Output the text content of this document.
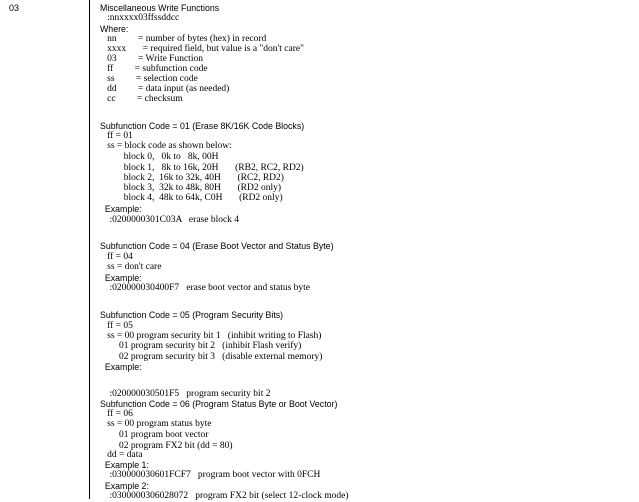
03	Miscellaneous Write Functions
:nnxxxx03ffssddcc
Where:
nn         = number of bytes (hex) in record
xxxx       = required field, but value is a "don't care"
03         = Write Function
ff         = subfunction code
ss         = selection code
dd         = data input (as needed)
cc         = checksum
Subfunction Code = 01 (Erase 8K/16K Code Blocks)
ff = 01
ss = block code as shown below:
block 0,   0k to   8k, 00H
block 1,   8k to 16k, 20H       (RB2, RC2, RD2)
block 2,  16k to 32k, 40H       (RC2, RD2)
block 3,  32k to 48k, 80H       (RD2 only)
block 4,  48k to 64k, C0H       (RD2 only)
Example:
:0200000301C03A   erase block 4
Subfunction Code = 04 (Erase Boot Vector and Status Byte)
ff = 04
ss = don't care
Example:
:020000030400F7   erase boot vector and status byte
Subfunction Code = 05 (Program Security Bits)
ff = 05
ss = 00 program security bit 1   (inhibit writing to Flash)
01 program security bit 2   (inhibit Flash verify)
02 program security bit 3   (disable external memory)
Example:
:020000030501F5   program security bit 2
Subfunction Code = 06 (Program Status Byte or Boot Vector)
ff = 06
ss = 00 program status byte
01 program boot vector
02 program FX2 bit (dd = 80)
dd = data
Example 1:
:030000030601FCF7   program boot vector with 0FCH
Example 2:
:0300000306028072   program FX2 bit (select 12-clock mode)
